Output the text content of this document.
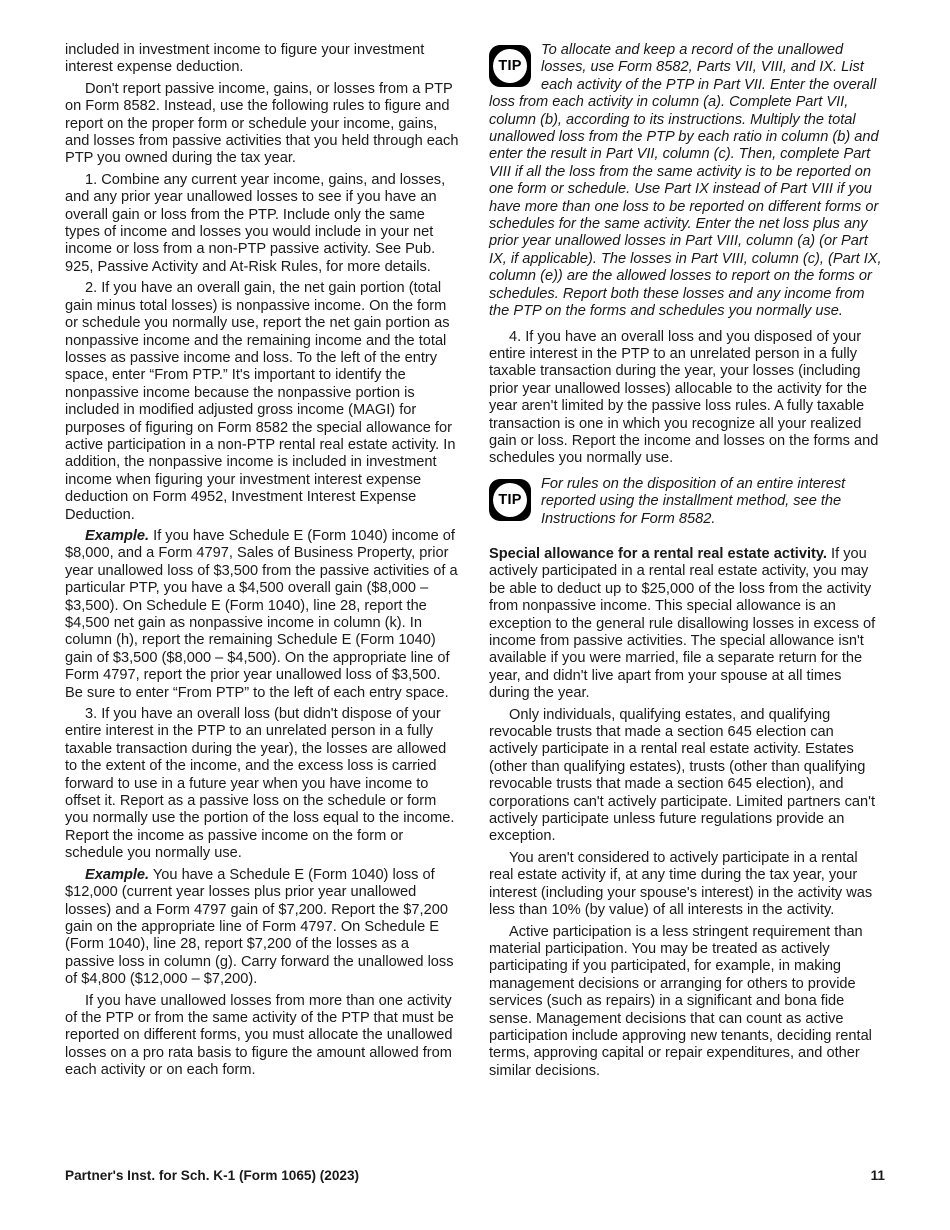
included in investment income to figure your investment interest expense deduction.

Don't report passive income, gains, or losses from a PTP on Form 8582. Instead, use the following rules to figure and report on the proper form or schedule your income, gains, and losses from passive activities that you held through each PTP you owned during the tax year.

1. Combine any current year income, gains, and losses, and any prior year unallowed losses to see if you have an overall gain or loss from the PTP. Include only the same types of income and losses you would include in your net income or loss from a non-PTP passive activity. See Pub. 925, Passive Activity and At-Risk Rules, for more details.

2. If you have an overall gain, the net gain portion (total gain minus total losses) is nonpassive income. On the form or schedule you normally use, report the net gain portion as nonpassive income and the remaining income and the total losses as passive income and loss. To the left of the entry space, enter “From PTP.” It's important to identify the nonpassive income because the nonpassive portion is included in modified adjusted gross income (MAGI) for purposes of figuring on Form 8582 the special allowance for active participation in a non-PTP rental real estate activity. In addition, the nonpassive income is included in investment income when figuring your investment interest expense deduction on Form 4952, Investment Interest Expense Deduction.

Example. If you have Schedule E (Form 1040) income of $8,000, and a Form 4797, Sales of Business Property, prior year unallowed loss of $3,500 from the passive activities of a particular PTP, you have a $4,500 overall gain ($8,000 – $3,500). On Schedule E (Form 1040), line 28, report the $4,500 net gain as nonpassive income in column (k). In column (h), report the remaining Schedule E (Form 1040) gain of $3,500 ($8,000 – $4,500). On the appropriate line of Form 4797, report the prior year unallowed loss of $3,500. Be sure to enter “From PTP” to the left of each entry space.

3. If you have an overall loss (but didn't dispose of your entire interest in the PTP to an unrelated person in a fully taxable transaction during the year), the losses are allowed to the extent of the income, and the excess loss is carried forward to use in a future year when you have income to offset it. Report as a passive loss on the schedule or form you normally use the portion of the loss equal to the income. Report the income as passive income on the form or schedule you normally use.

Example. You have a Schedule E (Form 1040) loss of $12,000 (current year losses plus prior year unallowed losses) and a Form 4797 gain of $7,200. Report the $7,200 gain on the appropriate line of Form 4797. On Schedule E (Form 1040), line 28, report $7,200 of the losses as a passive loss in column (g). Carry forward the unallowed loss of $4,800 ($12,000 – $7,200).

If you have unallowed losses from more than one activity of the PTP or from the same activity of the PTP that must be reported on different forms, you must allocate the unallowed losses on a pro rata basis to figure the amount allowed from each activity or on each form.

TIP
To allocate and keep a record of the unallowed losses, use Form 8582, Parts VII, VIII, and IX. List each activity of the PTP in Part VII. Enter the overall loss from each activity in column (a). Complete Part VII, column (b), according to its instructions. Multiply the total unallowed loss from the PTP by each ratio in column (b) and enter the result in Part VII, column (c). Then, complete Part VIII if all the loss from the same activity is to be reported on one form or schedule. Use Part IX instead of Part VIII if you have more than one loss to be reported on different forms or schedules for the same activity. Enter the net loss plus any prior year unallowed losses in Part VIII, column (a) (or Part IX, if applicable). The losses in Part VIII, column (c), (Part IX, column (e)) are the allowed losses to report on the forms or schedules. Report both these losses and any income from the PTP on the forms and schedules you normally use.

4. If you have an overall loss and you disposed of your entire interest in the PTP to an unrelated person in a fully taxable transaction during the year, your losses (including prior year unallowed losses) allocable to the activity for the year aren't limited by the passive loss rules. A fully taxable transaction is one in which you recognize all your realized gain or loss. Report the income and losses on the forms and schedules you normally use.

TIP
For rules on the disposition of an entire interest reported using the installment method, see the Instructions for Form 8582.

Special allowance for a rental real estate activity. If you actively participated in a rental real estate activity, you may be able to deduct up to $25,000 of the loss from the activity from nonpassive income. This special allowance is an exception to the general rule disallowing losses in excess of income from passive activities. The special allowance isn't available if you were married, file a separate return for the year, and didn't live apart from your spouse at all times during the year.

Only individuals, qualifying estates, and qualifying revocable trusts that made a section 645 election can actively participate in a rental real estate activity. Estates (other than qualifying estates), trusts (other than qualifying revocable trusts that made a section 645 election), and corporations can't actively participate. Limited partners can't actively participate unless future regulations provide an exception.

You aren't considered to actively participate in a rental real estate activity if, at any time during the tax year, your interest (including your spouse's interest) in the activity was less than 10% (by value) of all interests in the activity.

Active participation is a less stringent requirement than material participation. You may be treated as actively participating if you participated, for example, in making management decisions or arranging for others to provide services (such as repairs) in a significant and bona fide sense. Management decisions that can count as active participation include approving new tenants, deciding rental terms, approving capital or repair expenditures, and other similar decisions.

Partner's Inst. for Sch. K-1 (Form 1065) (2023)	11
